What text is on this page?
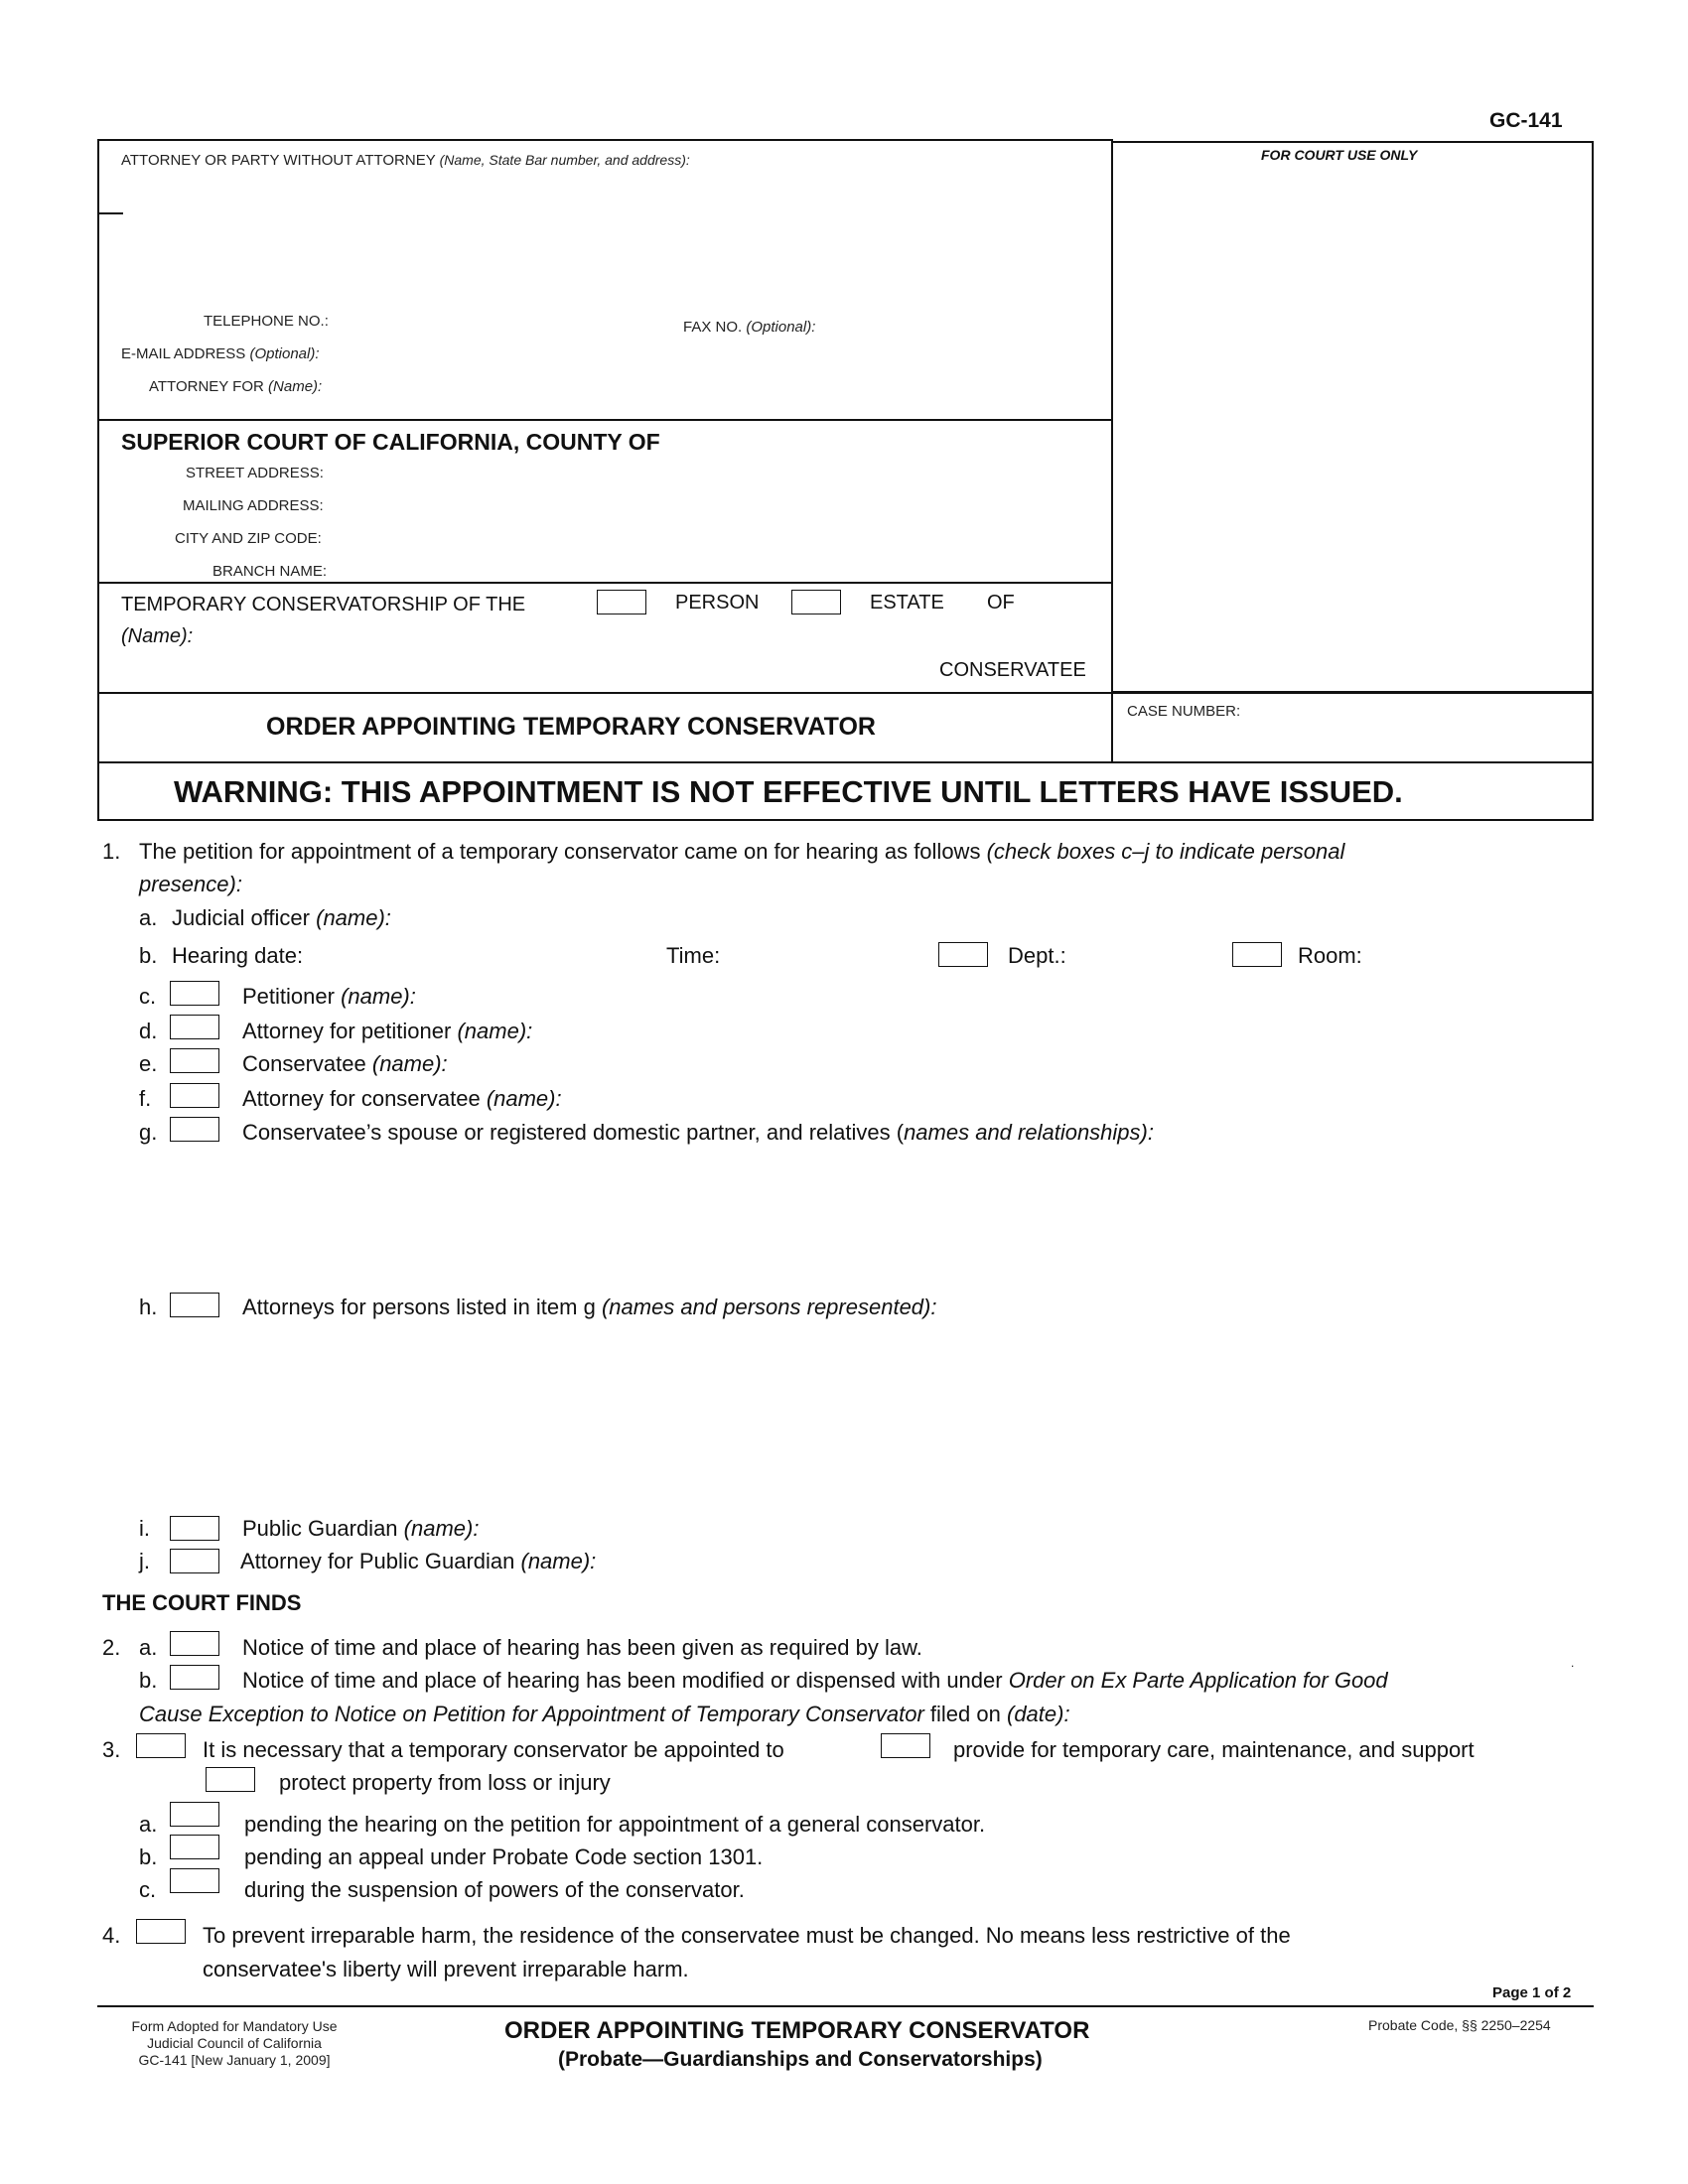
GC-141
ATTORNEY OR PARTY WITHOUT ATTORNEY (Name, State Bar number, and address):
TELEPHONE NO.:	FAX NO. (Optional):
E-MAIL ADDRESS (Optional):
ATTORNEY FOR (Name):
FOR COURT USE ONLY
SUPERIOR COURT OF CALIFORNIA, COUNTY OF
STREET ADDRESS:
MAILING ADDRESS:
CITY AND ZIP CODE:
BRANCH NAME:
TEMPORARY CONSERVATORSHIP OF THE	PERSON	ESTATE OF
(Name):
CONSERVATEE
ORDER APPOINTING TEMPORARY CONSERVATOR
CASE NUMBER:
WARNING: THIS APPOINTMENT IS NOT EFFECTIVE UNTIL LETTERS HAVE ISSUED.
1. The petition for appointment of a temporary conservator came on for hearing as follows (check boxes c–j to indicate personal
presence):
a. Judicial officer (name):
b. Hearing date:	Time:	Dept.:	Room:
c.	Petitioner (name):
d.	Attorney for petitioner (name):
e.	Conservatee (name):
f.	Attorney for conservatee (name):
g.	Conservatee’s spouse or registered domestic partner, and relatives (names and relationships):
h.	Attorneys for persons listed in item g (names and persons represented):
i.	Public Guardian (name):
j.	Attorney for Public Guardian (name):
THE COURT FINDS
2. a.	Notice of time and place of hearing has been given as required by law.
b.	Notice of time and place of hearing has been modified or dispensed with under Order on Ex Parte Application for Good
.
Cause Exception to Notice on Petition for Appointment of Temporary Conservator filed on (date):
3.	It is necessary that a temporary conservator be appointed to	provide for temporary care, maintenance, and support
protect property from loss or injury
a.	pending the hearing on the petition for appointment of a general conservator.
b.	pending an appeal under Probate Code section 1301.
c.	during the suspension of powers of the conservator.
4.	To prevent irreparable harm, the residence of the conservatee must be changed. No means less restrictive of the
conservatee's liberty will prevent irreparable harm.
Page 1 of 2
Form Adopted for Mandatory Use
Judicial Council of California
GC-141 [New January 1, 2009]
ORDER APPOINTING TEMPORARY CONSERVATOR
(Probate—Guardianships and Conservatorships)
Probate Code, §§ 2250–2254
